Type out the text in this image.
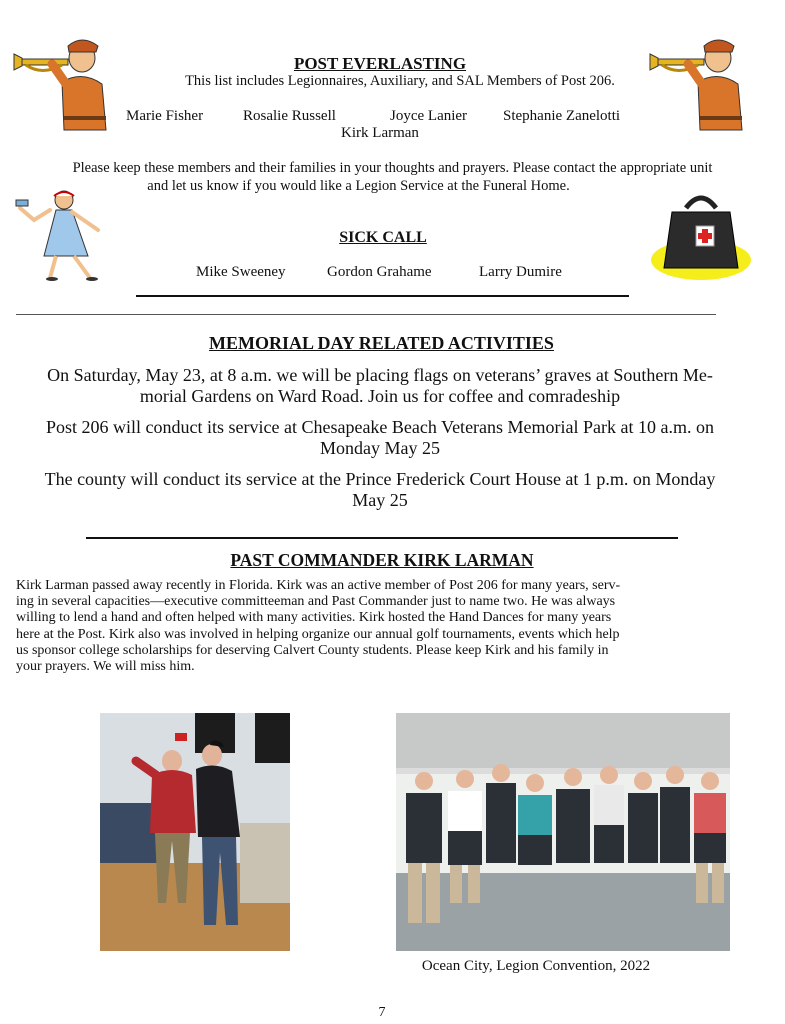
POST EVERLASTING
This list includes Legionnaires, Auxiliary, and SAL Members of Post 206.
Marie Fisher	Rosalie Russell	Joyce Lanier Stephanie Zanelotti
Kirk Larman
Please keep these members and their families in your thoughts and prayers. Please contact the appropriate unit
and let us know if you would like a Legion Service at the Funeral Home.
SICK CALL
Mike Sweeney	Gordon Grahame	Larry Dumire
MEMORIAL DAY RELATED ACTIVITIES
On Saturday, May 23, at 8 a.m. we will be placing flags on veterans’ graves at Southern Me-
morial Gardens on Ward Road. Join us for coffee and comradeship
Post 206 will conduct its service at Chesapeake Beach Veterans Memorial Park at 10 a.m. on
Monday May 25
The county will conduct its service at the Prince Frederick Court House at 1 p.m. on Monday
May 25
PAST COMMANDER KIRK LARMAN
Kirk Larman passed away recently in Florida. Kirk was an active member of Post 206 for many years, serv-
ing in several capacities—executive committeeman and Past Commander just to name two. He was always
willing to lend a hand and often helped with many activities. Kirk hosted the Hand Dances for many years
here at the Post. Kirk also was involved in helping organize our annual golf tournaments, events which help
us sponsor college scholarships for deserving Calvert County students. Please keep Kirk and his family in
your prayers. We will miss him.
Ocean City, Legion Convention, 2022
7
